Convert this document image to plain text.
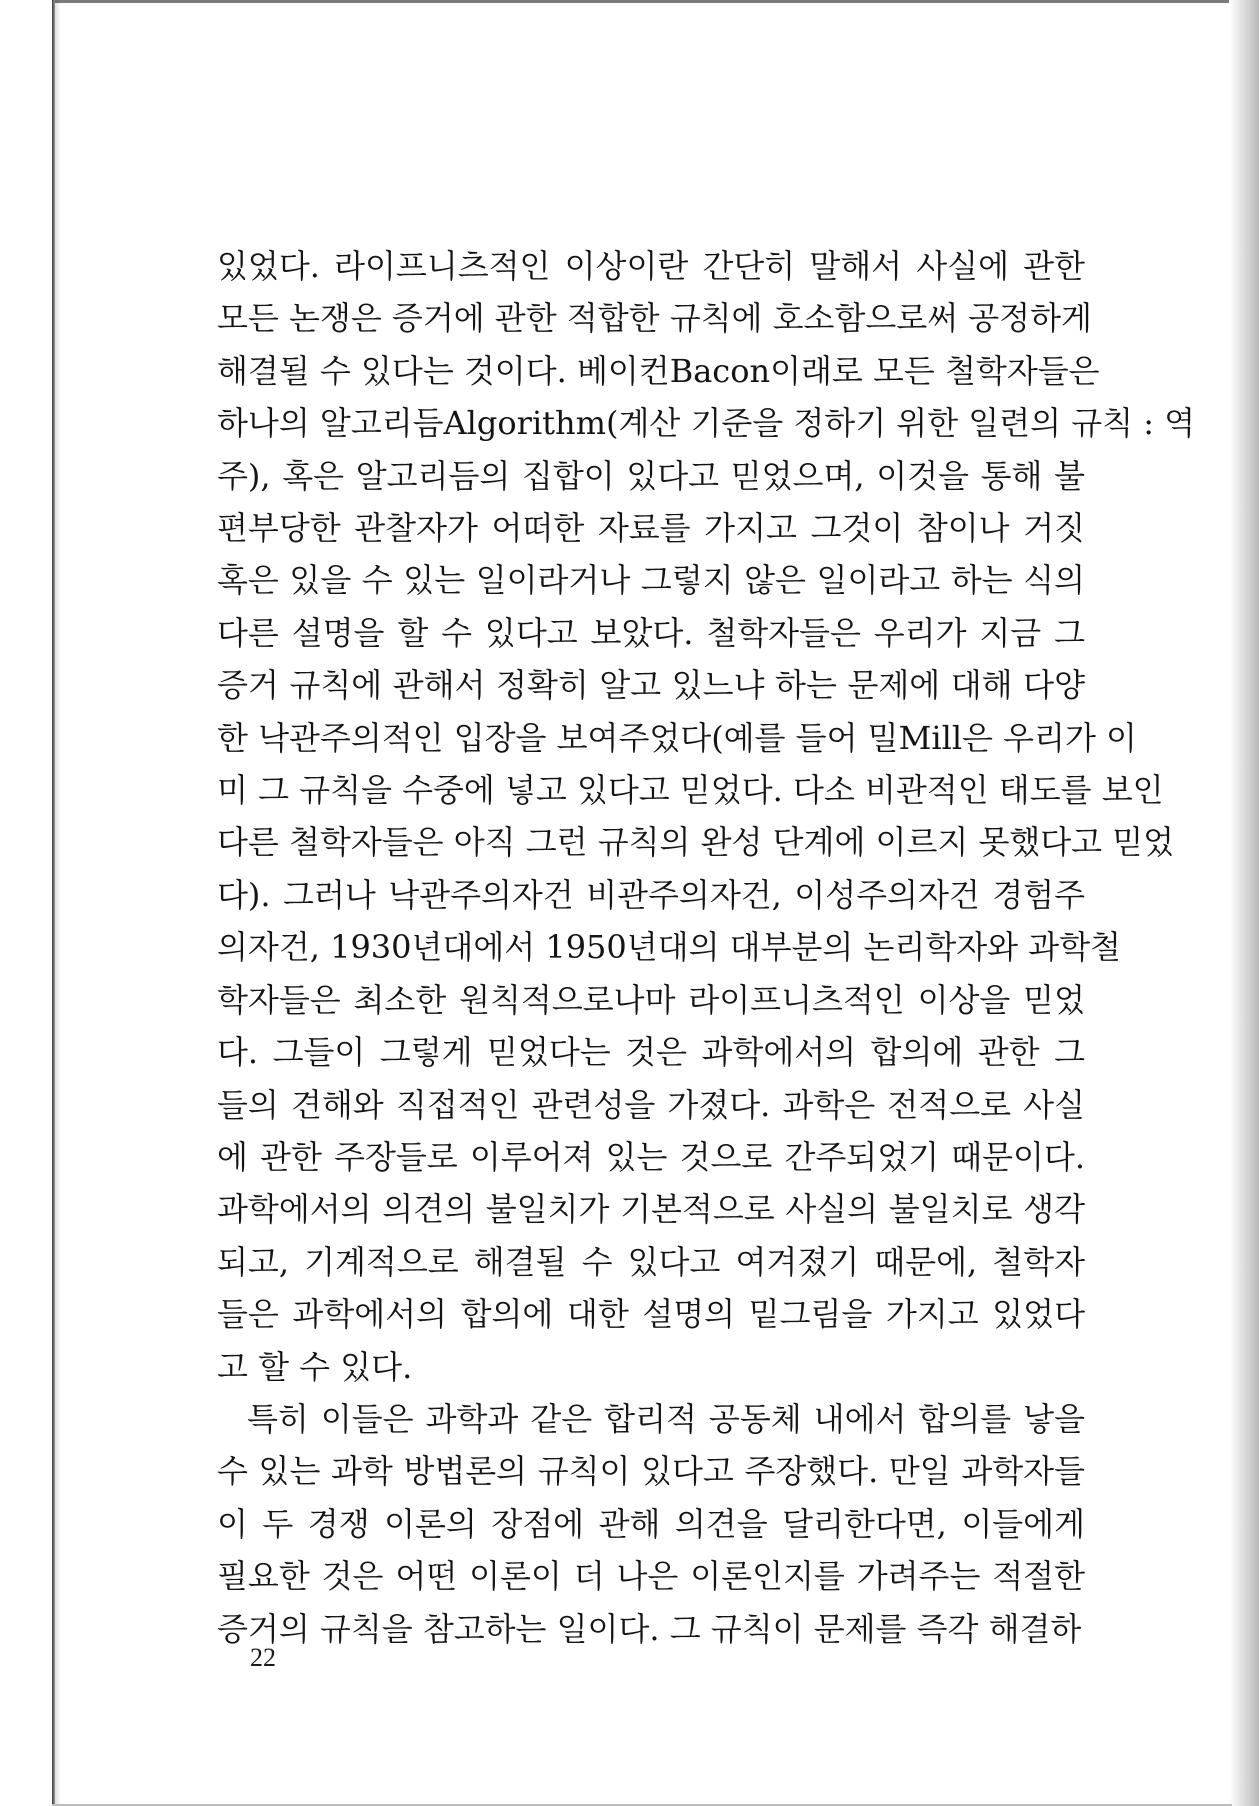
있었다. 라이프니츠적인 이상이란 간단히 말해서 사실에 관한
모든 논쟁은 증거에 관한 적합한 규칙에 호소함으로써 공정하게
해결될 수 있다는 것이다. 베이컨Bacon이래로 모든 철학자들은
하나의 알고리듬Algorithm(계산 기준을 정하기 위한 일련의 규칙 : 역
주), 혹은 알고리듬의 집합이 있다고 믿었으며, 이것을 통해 불
편부당한 관찰자가 어떠한 자료를 가지고 그것이 참이나 거짓
혹은 있을 수 있는 일이라거나 그렇지 않은 일이라고 하는 식의
다른 설명을 할 수 있다고 보았다. 철학자들은 우리가 지금 그
증거 규칙에 관해서 정확히 알고 있느냐 하는 문제에 대해 다양
한 낙관주의적인 입장을 보여주었다(예를 들어 밀Mill은 우리가 이
미 그 규칙을 수중에 넣고 있다고 믿었다. 다소 비관적인 태도를 보인
다른 철학자들은 아직 그런 규칙의 완성 단계에 이르지 못했다고 믿었
다). 그러나 낙관주의자건 비관주의자건, 이성주의자건 경험주
의자건, 1930년대에서 1950년대의 대부분의 논리학자와 과학철
학자들은 최소한 원칙적으로나마 라이프니츠적인 이상을 믿었
다. 그들이 그렇게 믿었다는 것은 과학에서의 합의에 관한 그
들의 견해와 직접적인 관련성을 가졌다. 과학은 전적으로 사실
에 관한 주장들로 이루어져 있는 것으로 간주되었기 때문이다.
과학에서의 의견의 불일치가 기본적으로 사실의 불일치로 생각
되고, 기계적으로 해결될 수 있다고 여겨졌기 때문에, 철학자
들은 과학에서의 합의에 대한 설명의 밑그림을 가지고 있었다
고 할 수 있다.
특히 이들은 과학과 같은 합리적 공동체 내에서 합의를 낳을
수 있는 과학 방법론의 규칙이 있다고 주장했다. 만일 과학자들
이 두 경쟁 이론의 장점에 관해 의견을 달리한다면, 이들에게
필요한 것은 어떤 이론이 더 나은 이론인지를 가려주는 적절한
증거의 규칙을 참고하는 일이다. 그 규칙이 문제를 즉각 해결하
22
